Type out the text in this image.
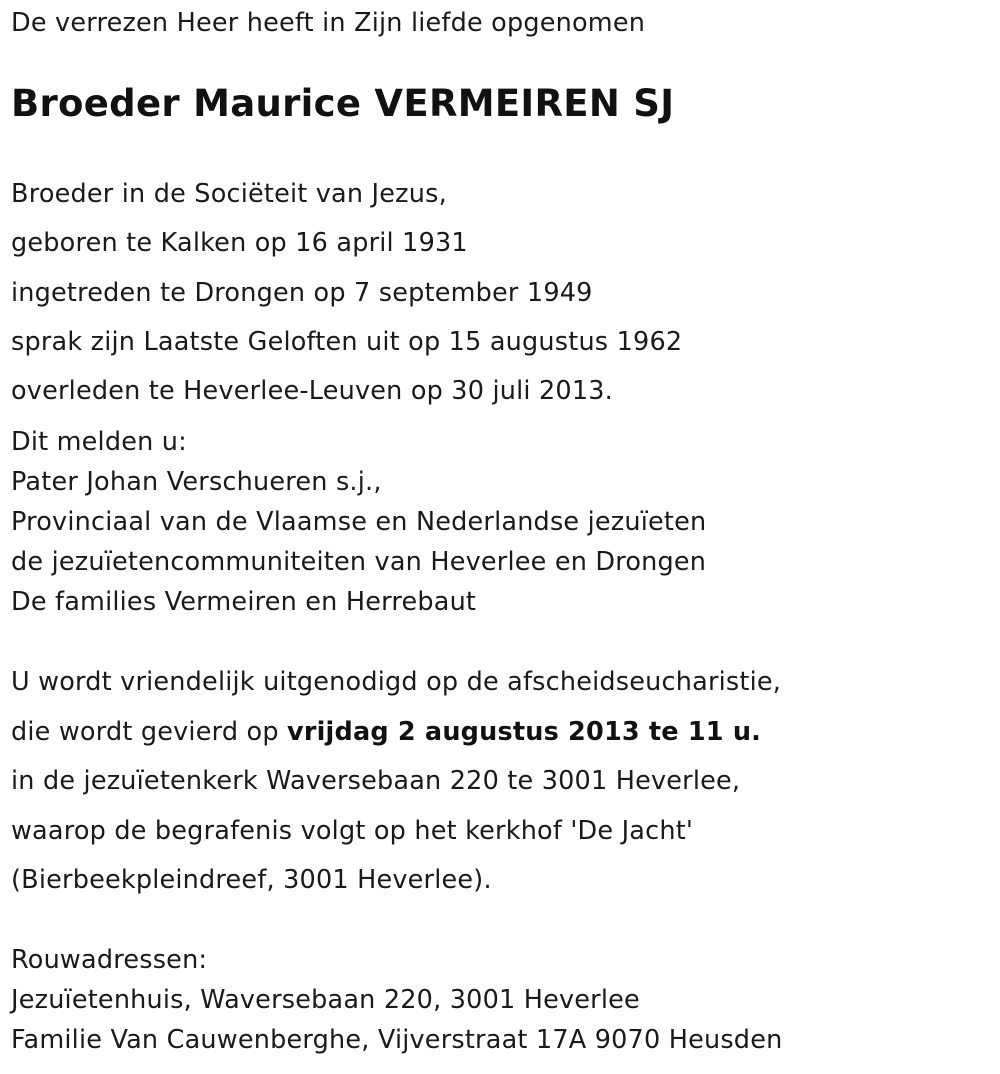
De verrezen Heer heeft in Zijn liefde opgenomen
Broeder Maurice VERMEIREN SJ
Broeder in de Sociëteit van Jezus,
geboren te Kalken op 16 april 1931
ingetreden te Drongen op 7 september 1949
sprak zijn Laatste Geloften uit op 15 augustus 1962
overleden te Heverlee-Leuven op 30 juli 2013.
Dit melden u:
Pater Johan Verschueren s.j.,
Provinciaal van de Vlaamse en Nederlandse jezuïeten
de jezuïetencommuniteiten van Heverlee en Drongen
De families Vermeiren en Herrebaut
U wordt vriendelijk uitgenodigd op de afscheidseucharistie,
die wordt gevierd op vrijdag 2 augustus 2013 te 11 u.
in de jezuïetenkerk Waversebaan 220 te 3001 Heverlee,
waarop de begrafenis volgt op het kerkhof 'De Jacht'
(Bierbeekpleindreef, 3001 Heverlee).
Rouwadressen:
Jezuïetenhuis, Waversebaan 220, 3001 Heverlee
Familie Van Cauwenberghe, Vijverstraat 17A 9070 Heusden
